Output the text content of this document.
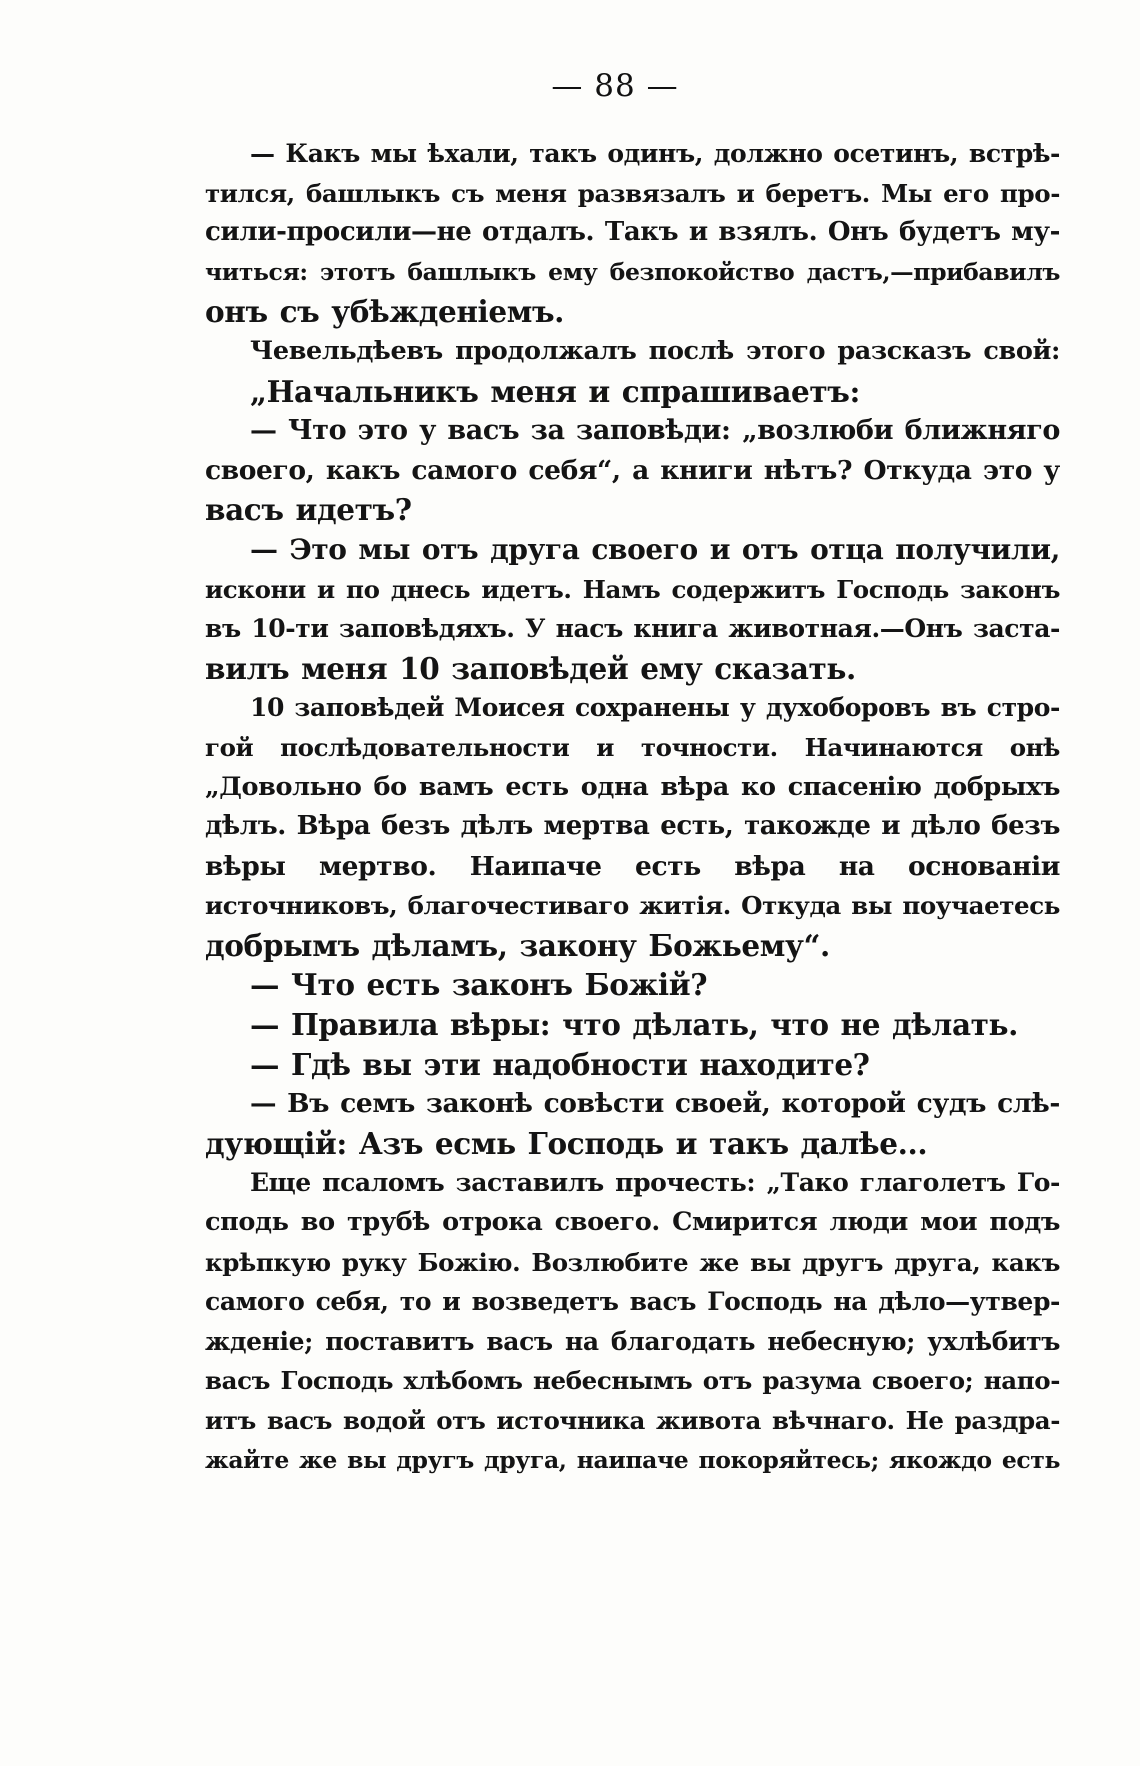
— 88 —
— Какъ мы ѣхали, такъ одинъ, должно осетинъ, встрѣ-
тился, башлыкъ съ меня развязалъ и беретъ. Мы его про-
сили-просили—не отдалъ. Такъ и взялъ. Онъ будетъ му-
читься: этотъ башлыкъ ему безпокойство дастъ,—прибавилъ
онъ съ убѣжденіемъ.
Чевельдѣевъ продолжалъ послѣ этого разсказъ свой:
„Начальникъ меня и спрашиваетъ:
— Что это у васъ за заповѣди: „возлюби ближняго
своего, какъ самого себя“, а книги нѣтъ? Откуда это у
васъ идетъ?
— Это мы отъ друга своего и отъ отца получили,
искони и по днесь идетъ. Намъ содержитъ Господь законъ
въ 10-ти заповѣдяхъ. У насъ книга животная.—Онъ заста-
вилъ меня 10 заповѣдей ему сказать.
10 заповѣдей Моисея сохранены у духоборовъ въ стро-
гой послѣдовательности и точности. Начинаются онѣ
„Довольно бо вамъ есть одна вѣра ко спасенію добрыхъ
дѣлъ. Вѣра безъ дѣлъ мертва есть, такожде и дѣло безъ
вѣры мертво. Наипаче есть вѣра на основаніи
источниковъ, благочестиваго житія. Откуда вы поучаетесь
добрымъ дѣламъ, закону Божьему“.
— Что есть законъ Божій?
— Правила вѣры: что дѣлать, что не дѣлать.
— Гдѣ вы эти надобности находите?
— Въ семъ законѣ совѣсти своей, которой судъ слѣ-
дующій: Азъ есмь Господь и такъ далѣе...
Еще псаломъ заставилъ прочесть: „Тако глаголетъ Го-
сподь во трубѣ отрока своего. Смирится люди мои подъ
крѣпкую руку Божію. Возлюбите же вы другъ друга, какъ
самого себя, то и возведетъ васъ Господь на дѣло—утвер-
жденіе; поставитъ васъ на благодать небесную; ухлѣбитъ
васъ Господь хлѣбомъ небеснымъ отъ разума своего; напо-
итъ васъ водой отъ источника живота вѣчнаго. Не раздра-
жайте же вы другъ друга, наипаче покоряйтесь; якождо есть
